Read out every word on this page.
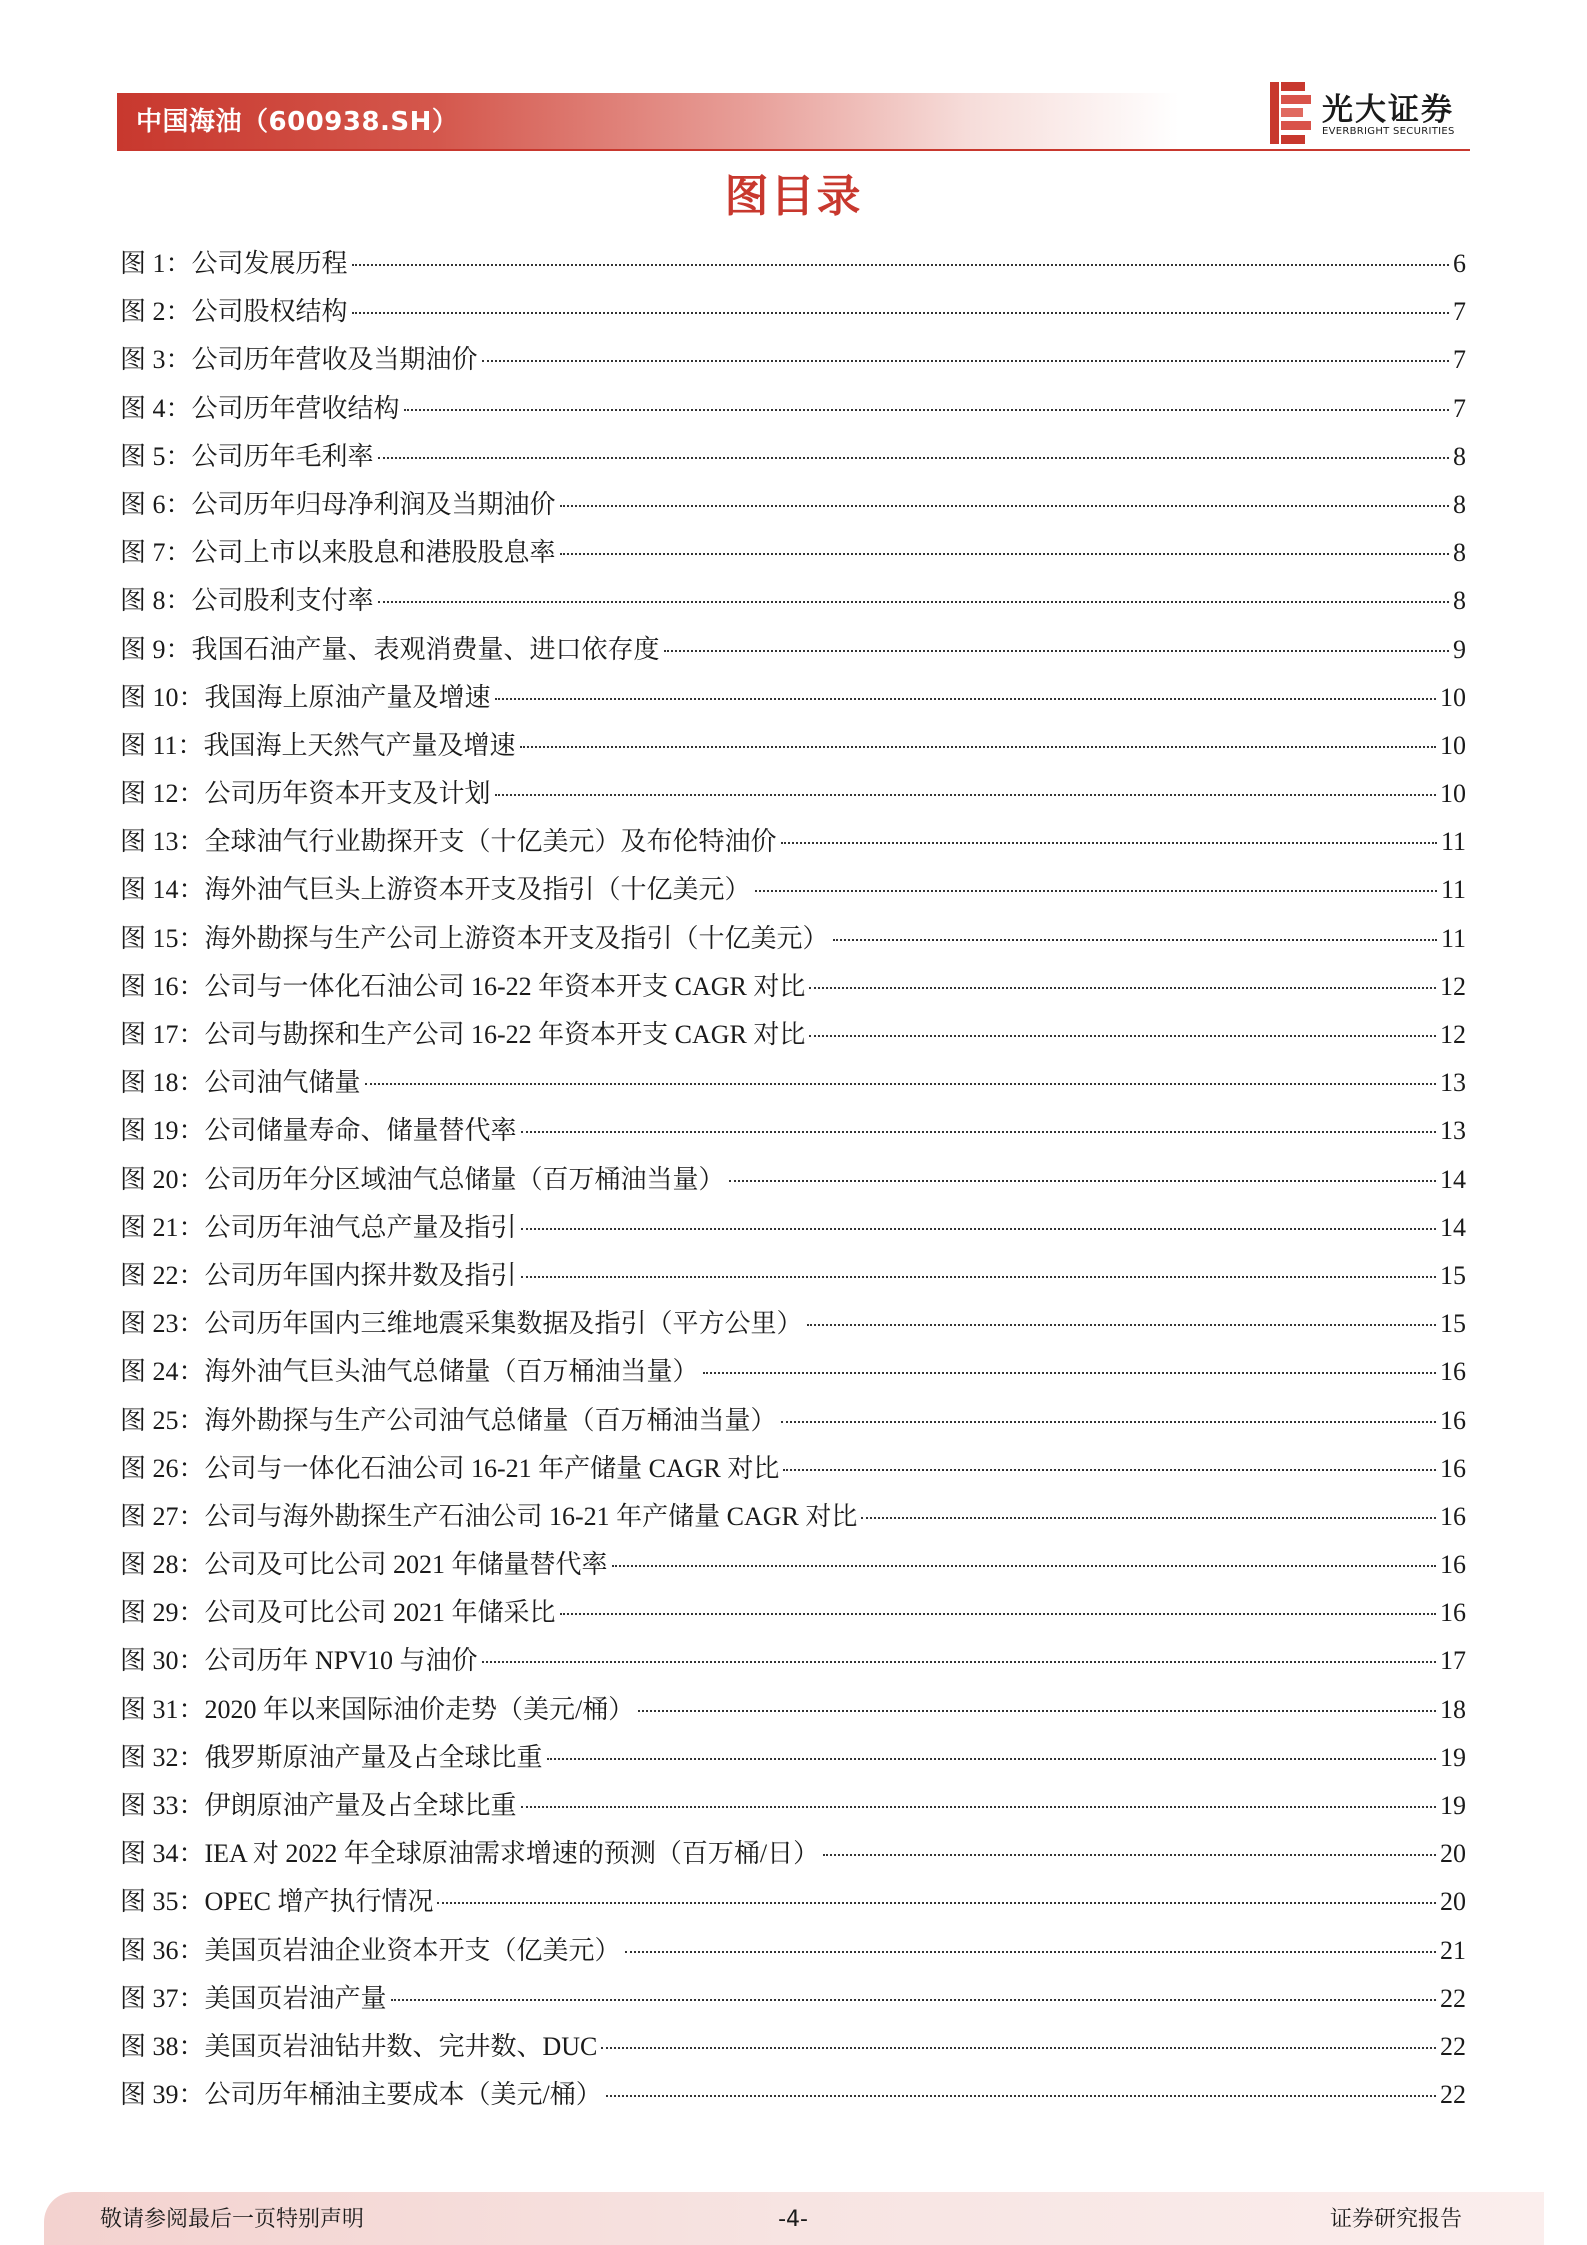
中国海油（600938.SH）	光大证券
EVERBRIGHT SECURITIES
图目录
图 1：公司发展历程	6
图 2：公司股权结构	7
图 3：公司历年营收及当期油价	7
图 4：公司历年营收结构	7
图 5：公司历年毛利率	8
图 6：公司历年归母净利润及当期油价	8
图 7：公司上市以来股息和港股股息率	8
图 8：公司股利支付率	8
图 9：我国石油产量、表观消费量、进口依存度	9
图 10：我国海上原油产量及增速	10
图 11：我国海上天然气产量及增速	10
图 12：公司历年资本开支及计划	10
图 13：全球油气行业勘探开支（十亿美元）及布伦特油价	11
图 14：海外油气巨头上游资本开支及指引（十亿美元）	11
图 15：海外勘探与生产公司上游资本开支及指引（十亿美元）	11
图 16：公司与一体化石油公司 16-22 年资本开支 CAGR 对比	12
图 17：公司与勘探和生产公司 16-22 年资本开支 CAGR 对比	12
图 18：公司油气储量	13
图 19：公司储量寿命、储量替代率	13
图 20：公司历年分区域油气总储量（百万桶油当量）	14
图 21：公司历年油气总产量及指引	14
图 22：公司历年国内探井数及指引	15
图 23：公司历年国内三维地震采集数据及指引（平方公里）	15
图 24：海外油气巨头油气总储量（百万桶油当量）	16
图 25：海外勘探与生产公司油气总储量（百万桶油当量）	16
图 26：公司与一体化石油公司 16-21 年产储量 CAGR 对比	16
图 27：公司与海外勘探生产石油公司 16-21 年产储量 CAGR 对比	16
图 28：公司及可比公司 2021 年储量替代率	16
图 29：公司及可比公司 2021 年储采比	16
图 30：公司历年 NPV10 与油价	17
图 31：2020 年以来国际油价走势（美元/桶）	18
图 32：俄罗斯原油产量及占全球比重	19
图 33：伊朗原油产量及占全球比重	19
图 34：IEA 对 2022 年全球原油需求增速的预测（百万桶/日）	20
图 35：OPEC 增产执行情况	20
图 36：美国页岩油企业资本开支（亿美元）	21
图 37：美国页岩油产量	22
图 38：美国页岩油钻井数、完井数、DUC	22
图 39：公司历年桶油主要成本（美元/桶）	22
敬请参阅最后一页特别声明	-4-	证券研究报告
